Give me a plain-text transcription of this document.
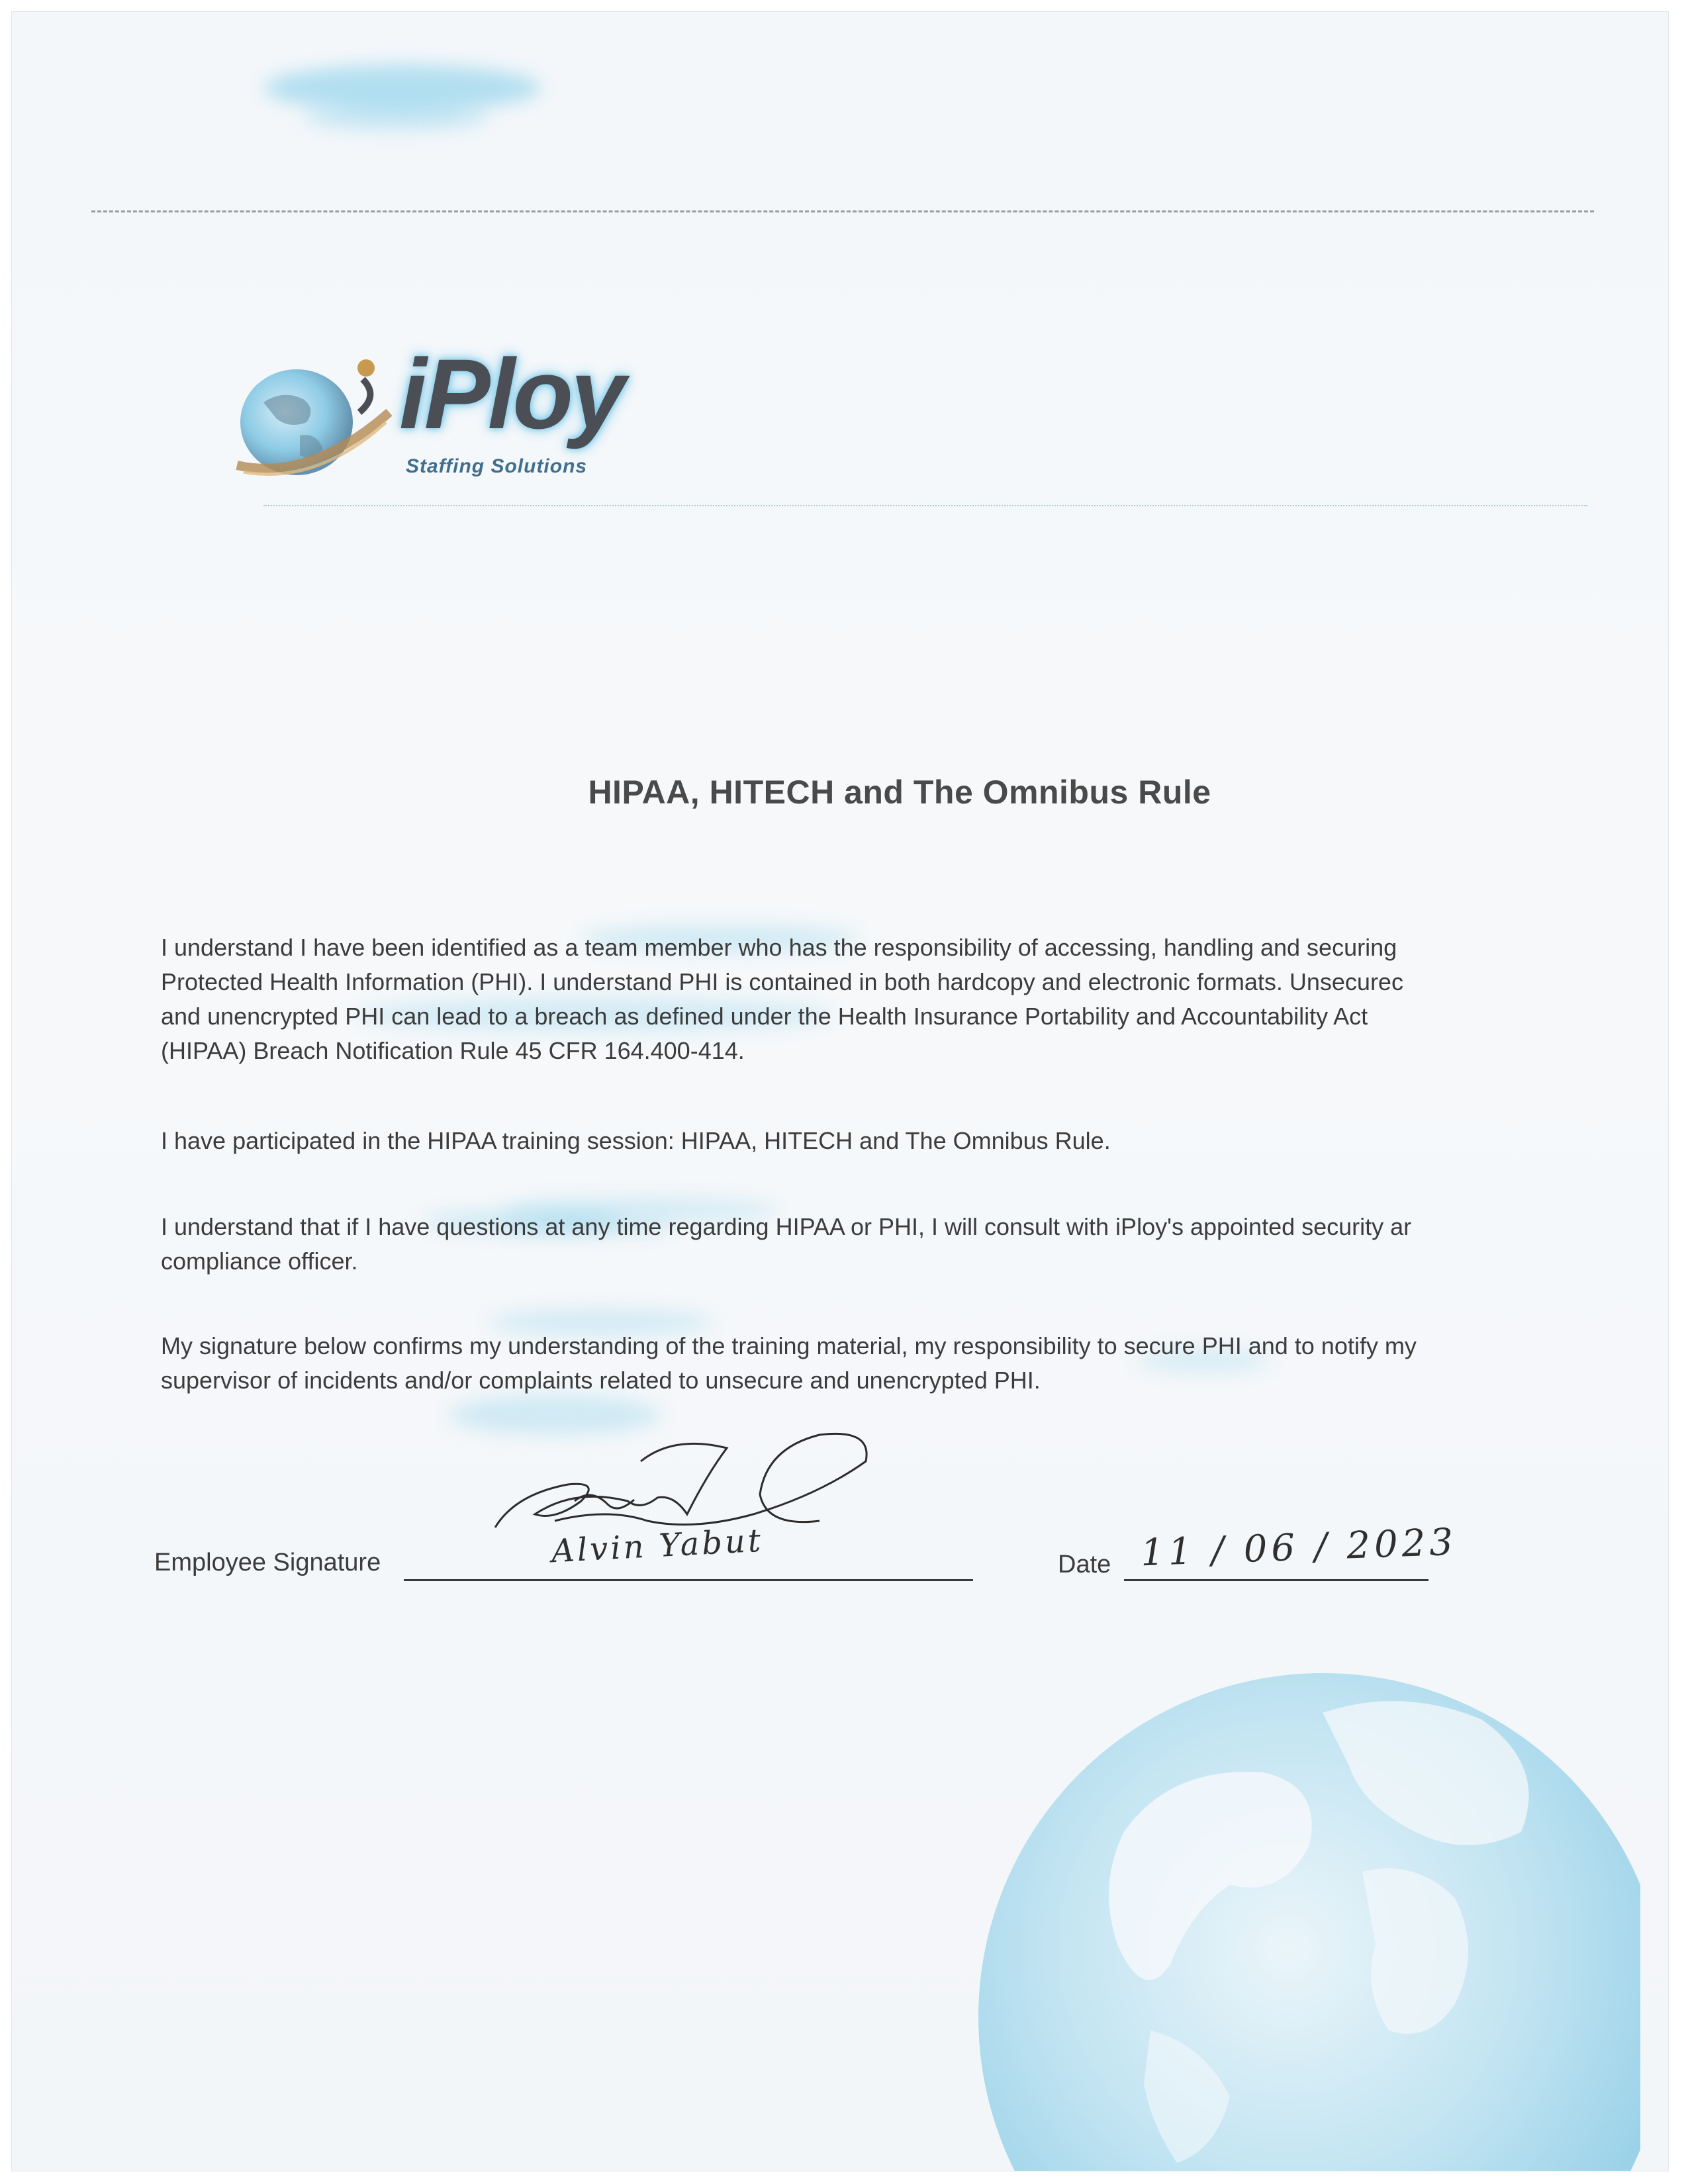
iPloy
Staffing Solutions
HIPAA, HITECH and The Omnibus Rule

I understand I have been identified as a team member who has the responsibility of accessing, handling and securing
Protected Health Information (PHI). I understand PHI is contained in both hardcopy and electronic formats. Unsecurec
and unencrypted PHI can lead to a breach as defined under the Health Insurance Portability and Accountability Act
(HIPAA) Breach Notification Rule 45 CFR 164.400-414.

I have participated in the HIPAA training session: HIPAA, HITECH and The Omnibus Rule.

I understand that if I have questions at any time regarding HIPAA or PHI, I will consult with iPloy's appointed security ar
compliance officer.

My signature below confirms my understanding of the training material, my responsibility to secure PHI and to notify my
supervisor of incidents and/or complaints related to unsecure and unencrypted PHI.

Employee Signature	Alvin Yabut	Date 11 / 06 / 2023
